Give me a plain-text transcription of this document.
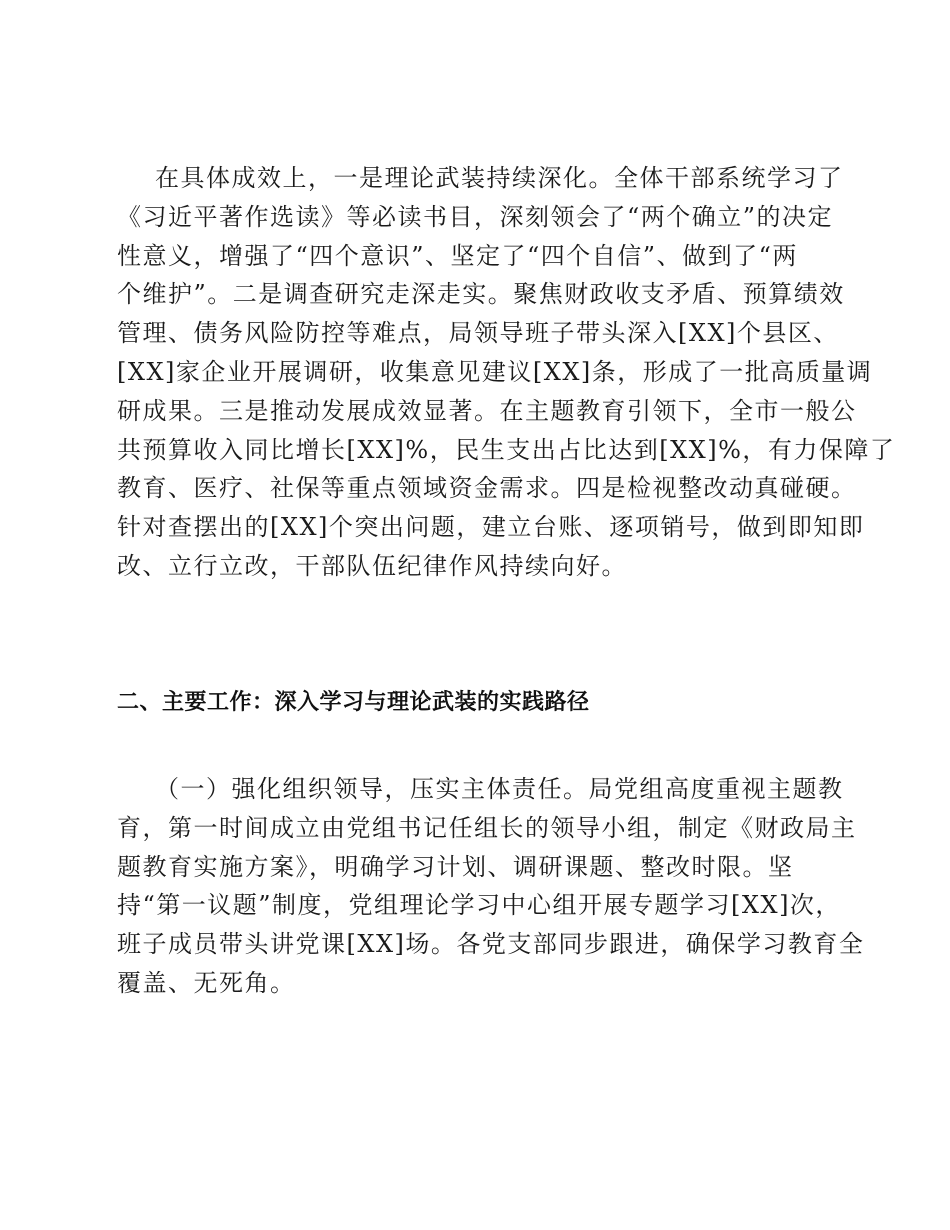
在具体成效上，一是理论武装持续深化。全体干部系统学习了
《习近平著作选读》等必读书目，深刻领会了“两个确立”的决定
性意义，增强了“四个意识”、坚定了“四个自信”、做到了“两
个维护”。二是调查研究走深走实。聚焦财政收支矛盾、预算绩效
管理、债务风险防控等难点，局领导班子带头深入[XX]个县区、
[XX]家企业开展调研，收集意见建议[XX]条，形成了一批高质量调
研成果。三是推动发展成效显著。在主题教育引领下，全市一般公
共预算收入同比增长[XX]%，民生支出占比达到[XX]%，有力保障了
教育、医疗、社保等重点领域资金需求。四是检视整改动真碰硬。
针对查摆出的[XX]个突出问题，建立台账、逐项销号，做到即知即
改、立行立改，干部队伍纪律作风持续向好。
二、主要工作：深入学习与理论武装的实践路径
（一）强化组织领导，压实主体责任。局党组高度重视主题教
育，第一时间成立由党组书记任组长的领导小组，制定《财政局主
题教育实施方案》，明确学习计划、调研课题、整改时限。坚
持“第一议题”制度，党组理论学习中心组开展专题学习[XX]次，
班子成员带头讲党课[XX]场。各党支部同步跟进，确保学习教育全
覆盖、无死角。
